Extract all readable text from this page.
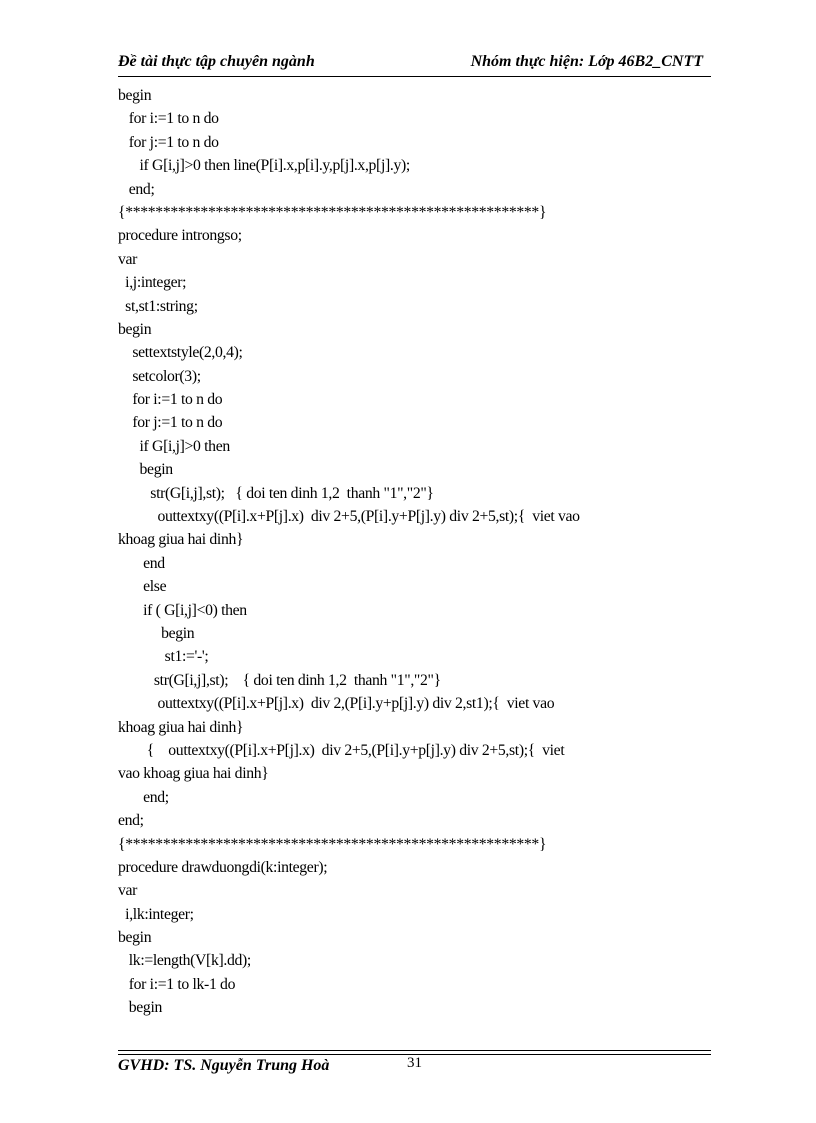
Đề tài thực tập chuyên ngành	Nhóm thực hiện: Lớp 46B2_CNTT
begin
for i:=1 to n do
for j:=1 to n do
if G[i,j]>0 then line(P[i].x,p[i].y,p[j].x,p[j].y);
end;
{*******************************************************}
procedure introngso;
var
i,j:integer;
st,st1:string;
begin
settextstyle(2,0,4);
setcolor(3);
for i:=1 to n do
for j:=1 to n do
if G[i,j]>0 then
begin
str(G[i,j],st);   { doi ten dinh 1,2  thanh "1","2"}
outtextxy((P[i].x+P[j].x)  div 2+5,(P[i].y+P[j].y) div 2+5,st);{  viet vao
khoag giua hai dinh}
end
else
if ( G[i,j]<0) then
begin
st1:='-';
str(G[i,j],st);    { doi ten dinh 1,2  thanh "1","2"}
outtextxy((P[i].x+P[j].x)  div 2,(P[i].y+p[j].y) div 2,st1);{  viet vao
khoag giua hai dinh}
{    outtextxy((P[i].x+P[j].x)  div 2+5,(P[i].y+p[j].y) div 2+5,st);{  viet
vao khoag giua hai dinh}
end;
end;
{*******************************************************}
procedure drawduongdi(k:integer);
var
i,lk:integer;
begin
lk:=length(V[k].dd);
for i:=1 to lk-1 do
begin
GVHD: TS. Nguyễn Trung Hoà	31
